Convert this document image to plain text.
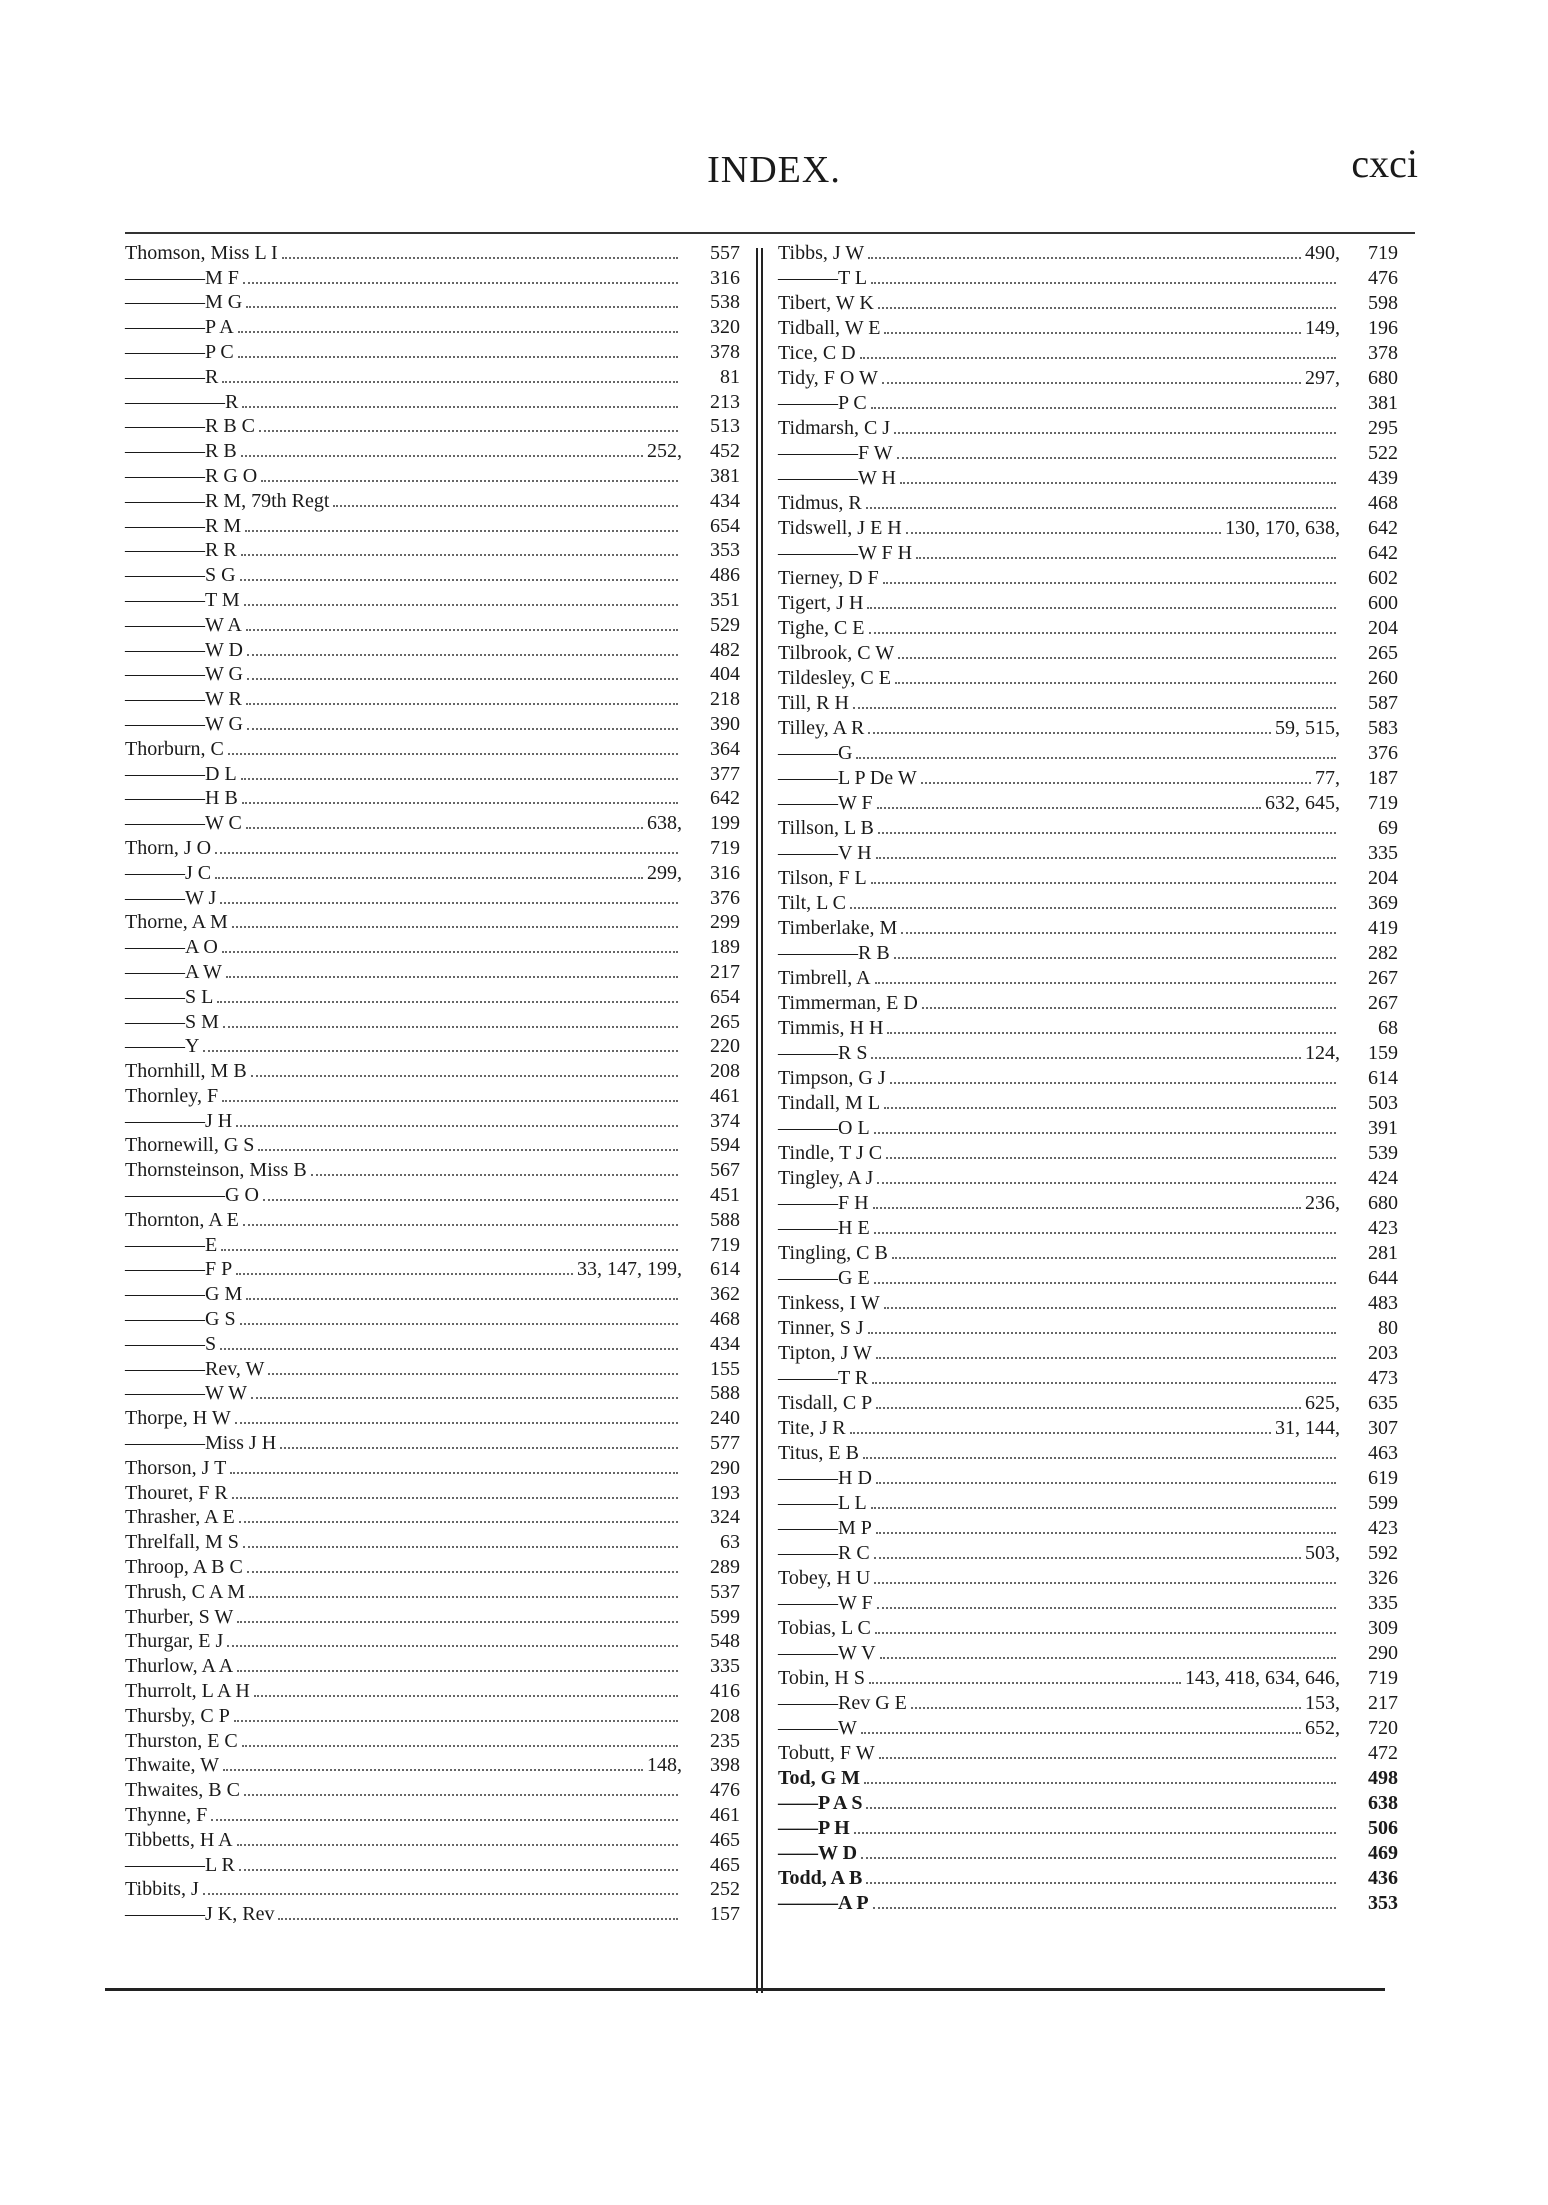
INDEX.	cxci
Thomson, Miss L I	557
————M F	316
————M G	538
————P A	320
————P C	378
————R	81
—————R	213
————R B C	513
————R B	252,	452
————R G O	381
————R M, 79th Regt	434
————R M	654
————R R	353
————S G	486
————T M	351
————W A	529
————W D	482
————W G	404
————W R	218
————W G	390
Thorburn, C	364
————D L	377
————H B	642
————W C	638,	199
Thorn, J O	719
———J C	299,	316
———W J	376
Thorne, A M	299
———A O	189
———A W	217
———S L	654
———S M	265
———Y	220
Thornhill, M B	208
Thornley, F	461
————J H	374
Thornewill, G S	594
Thornsteinson, Miss B	567
—————G O	451
Thornton, A E	588
————E	719
————F P	33, 147, 199,	614
————G M	362
————G S	468
————S	434
————Rev, W	155
————W W	588
Thorpe, H W	240
————Miss J H	577
Thorson, J T	290
Thouret, F R	193
Thrasher, A E	324
Threlfall, M S	63
Throop, A B C	289
Thrush, C A M	537
Thurber, S W	599
Thurgar, E J	548
Thurlow, A A	335
Thurrolt, L A H	416
Thursby, C P	208
Thurston, E C	235
Thwaite, W	148,	398
Thwaites, B C	476
Thynne, F	461
Tibbetts, H A	465
————L R	465
Tibbits, J	252
————J K, Rev	157
Tibbs, J W	490,	719
———T L	476
Tibert, W K	598
Tidball, W E	149,	196
Tice, C D	378
Tidy, F O W	297,	680
———P C	381
Tidmarsh, C J	295
————F W	522
————W H	439
Tidmus, R	468
Tidswell, J E H	130, 170, 638,	642
————W F H	642
Tierney, D F	602
Tigert, J H	600
Tighe, C E	204
Tilbrook, C W	265
Tildesley, C E	260
Till, R H	587
Tilley, A R	59, 515,	583
———G	376
———L P De W	77,	187
———W F	632, 645,	719
Tillson, L B	69
———V H	335
Tilson, F L	204
Tilt, L C	369
Timberlake, M	419
————R B	282
Timbrell, A	267
Timmerman, E D	267
Timmis, H H	68
———R S	124,	159
Timpson, G J	614
Tindall, M L	503
———O L	391
Tindle, T J C	539
Tingley, A J	424
———F H	236,	680
———H E	423
Tingling, C B	281
———G E	644
Tinkess, I W	483
Tinner, S J	80
Tipton, J W	203
———T R	473
Tisdall, C P	625,	635
Tite, J R	31, 144,	307
Titus, E B	463
———H D	619
———L L	599
———M P	423
———R C	503,	592
Tobey, H U	326
———W F	335
Tobias, L C	309
———W V	290
Tobin, H S	143, 418, 634, 646,	719
———Rev G E	153,	217
———W	652,	720
Tobutt, F W	472
Tod, G M	498
——P A S	638
——P H	506
——W D	469
Todd, A B	436
———A P	353
